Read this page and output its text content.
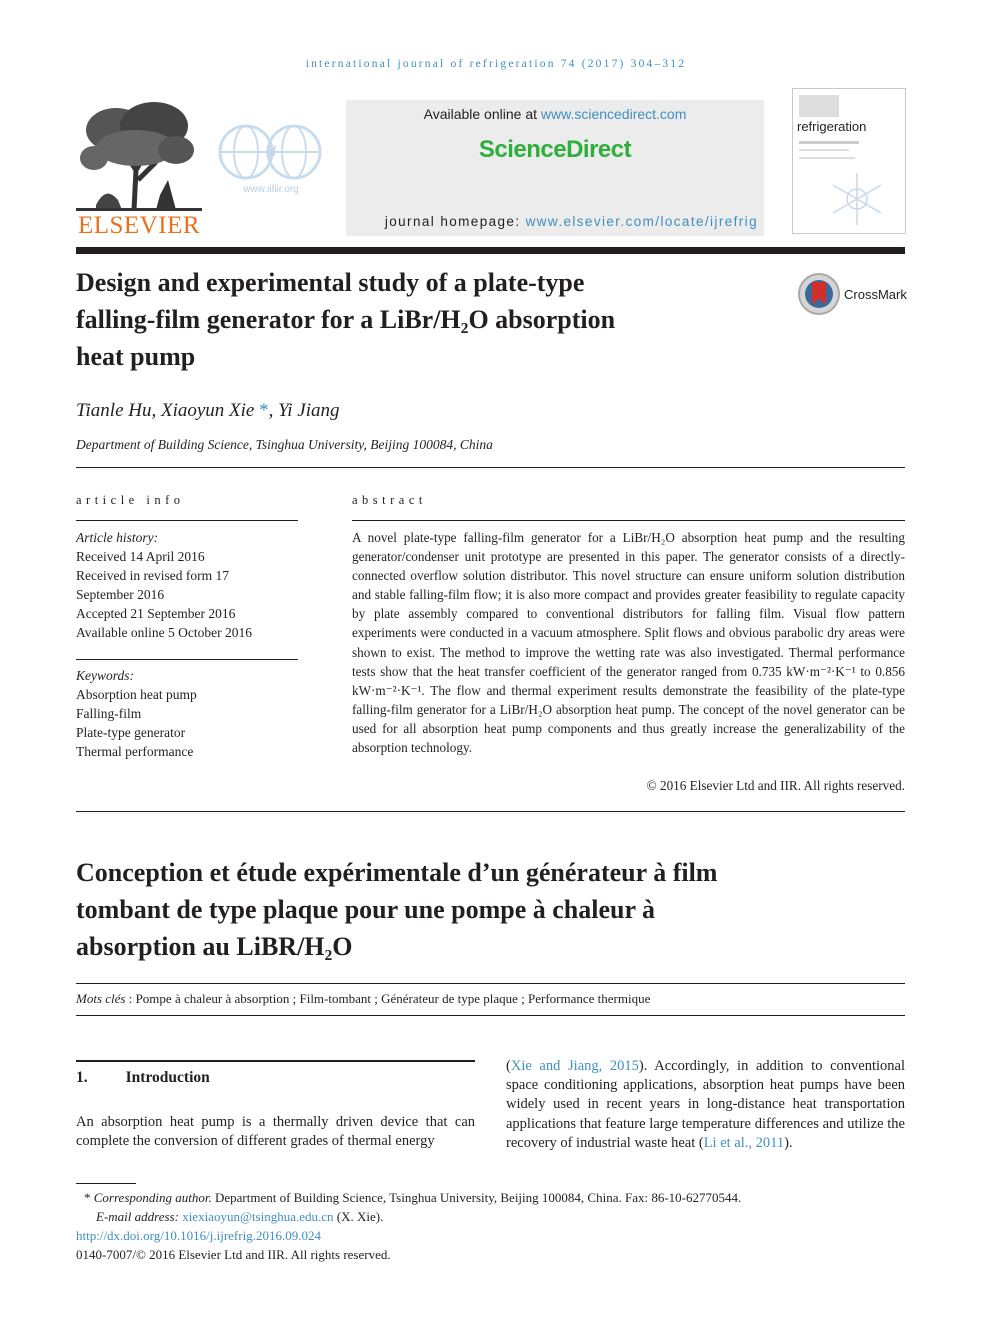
international journal of refrigeration 74 (2017) 304–312
ELSEVIER
iif
www.iifiir.org
Available online at www.sciencedirect.com
ScienceDirect
journal homepage: www.elsevier.com/locate/ijrefrig
refrigeration
Design and experimental study of a plate-type
falling-film generator for a LiBr/H₂O absorption
heat pump
CrossMark
Tianle Hu, Xiaoyun Xie *, Yi Jiang
Department of Building Science, Tsinghua University, Beijing 100084, China
article info
Article history:
Received 14 April 2016
Received in revised form 17
September 2016
Accepted 21 September 2016
Available online 5 October 2016
Keywords:
Absorption heat pump
Falling-film
Plate-type generator
Thermal performance
abstract
A novel plate-type falling-film generator for a LiBr/H₂O absorption heat pump and the resulting generator/condenser unit prototype are presented in this paper. The generator consists of a directly-connected overflow solution distributor. This novel structure can ensure uniform solution distribution and stable falling-film flow; it is also more compact and provides greater feasibility to regulate capacity by plate assembly compared to conventional distributors for falling film. Visual flow pattern experiments were conducted in a vacuum atmosphere. Split flows and obvious parabolic dry areas were shown to exist. The method to improve the wetting rate was also investigated. Thermal performance tests show that the heat transfer coefficient of the generator ranged from 0.735 kW·m⁻²·K⁻¹ to 0.856 kW·m⁻²·K⁻¹. The flow and thermal experiment results demonstrate the feasibility of the plate-type falling-film generator for a LiBr/H₂O absorption heat pump. The concept of the novel generator can be used for all absorption heat pump components and thus greatly increase the generalizability of the absorption technology.
© 2016 Elsevier Ltd and IIR. All rights reserved.
Conception et étude expérimentale d’un générateur à film
tombant de type plaque pour une pompe à chaleur à
absorption au LiBR/H₂O
Mots clés : Pompe à chaleur à absorption ; Film-tombant ; Générateur de type plaque ; Performance thermique
1. Introduction
An absorption heat pump is a thermally driven device that can complete the conversion of different grades of thermal energy
(Xie and Jiang, 2015). Accordingly, in addition to conventional space conditioning applications, absorption heat pumps have been widely used in recent years in long-distance heat transportation applications that feature large temperature differences and utilize the recovery of industrial waste heat (Li et al., 2011).
* Corresponding author. Department of Building Science, Tsinghua University, Beijing 100084, China. Fax: 86-10-62770544.
E-mail address: xiexiaoyun@tsinghua.edu.cn (X. Xie).
http://dx.doi.org/10.1016/j.ijrefrig.2016.09.024
0140-7007/© 2016 Elsevier Ltd and IIR. All rights reserved.
